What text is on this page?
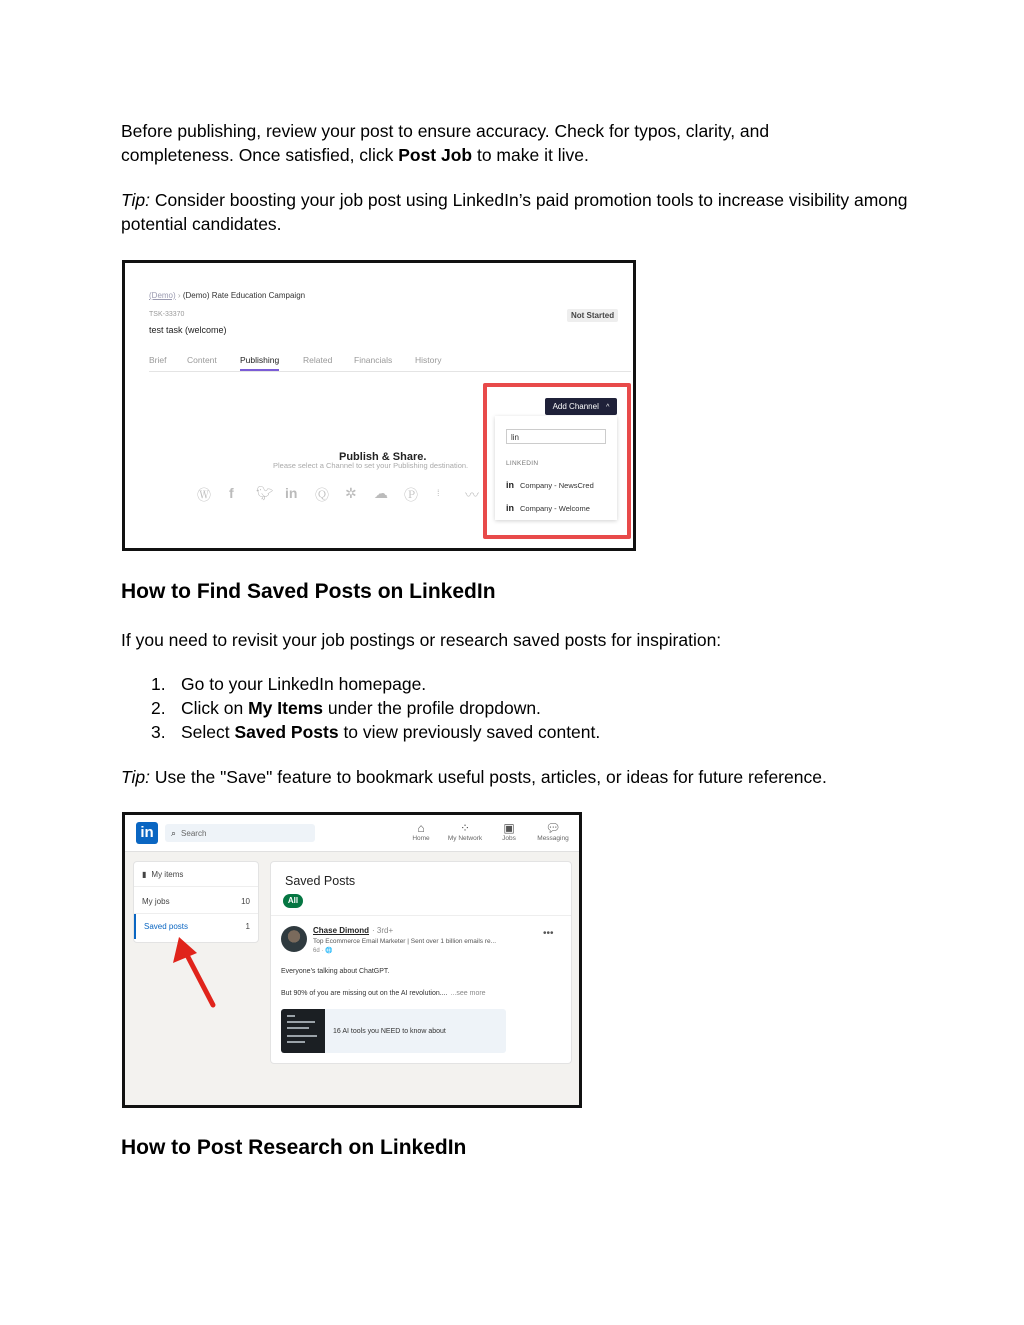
Before publishing, review your post to ensure accuracy. Check for typos, clarity, and
completeness. Once satisfied, click Post Job to make it live.

Tip: Consider boosting your job post using LinkedIn’s paid promotion tools to increase visibility among potential candidates.

(Demo) › (Demo) Rate Education Campaign
TSK-33370
test task (welcome)
Not Started
Brief Content	Publishing	Related	Financials	History
Publish & Share.
Please select a Channel to set your Publishing destination.
Ⓦ f 🐦︎ in Ⓠ ✲ ☁ Ⓟ ⁞ 〰
Add Channel ^
lin
LINKEDIN
in Company - NewsCred
in Company - Welcome
How to Find Saved Posts on LinkedIn

If you need to revisit your job postings or research saved posts for inspiration:

1. Go to your LinkedIn homepage.
2. Click on My Items under the profile dropdown.
3. Select Saved Posts to view previously saved content.

Tip: Use the "Save" feature to bookmark useful posts, articles, or ideas for future reference.

in	⌕ Search	⌂
Home
⁘
My Network
▣
Jobs
💬︎
Messaging
▮ My items
My jobs	10
Saved posts	1
Saved Posts
All
Chase Dimond · 3rd+
Top Ecommerce Email Marketer | Sent over 1 billion emails re...
6d · 🌐
•••
Everyone's talking about ChatGPT.
But 90% of you are missing out on the AI revolution.... ...see more
16 AI tools you NEED to know about
How to Post Research on LinkedIn
